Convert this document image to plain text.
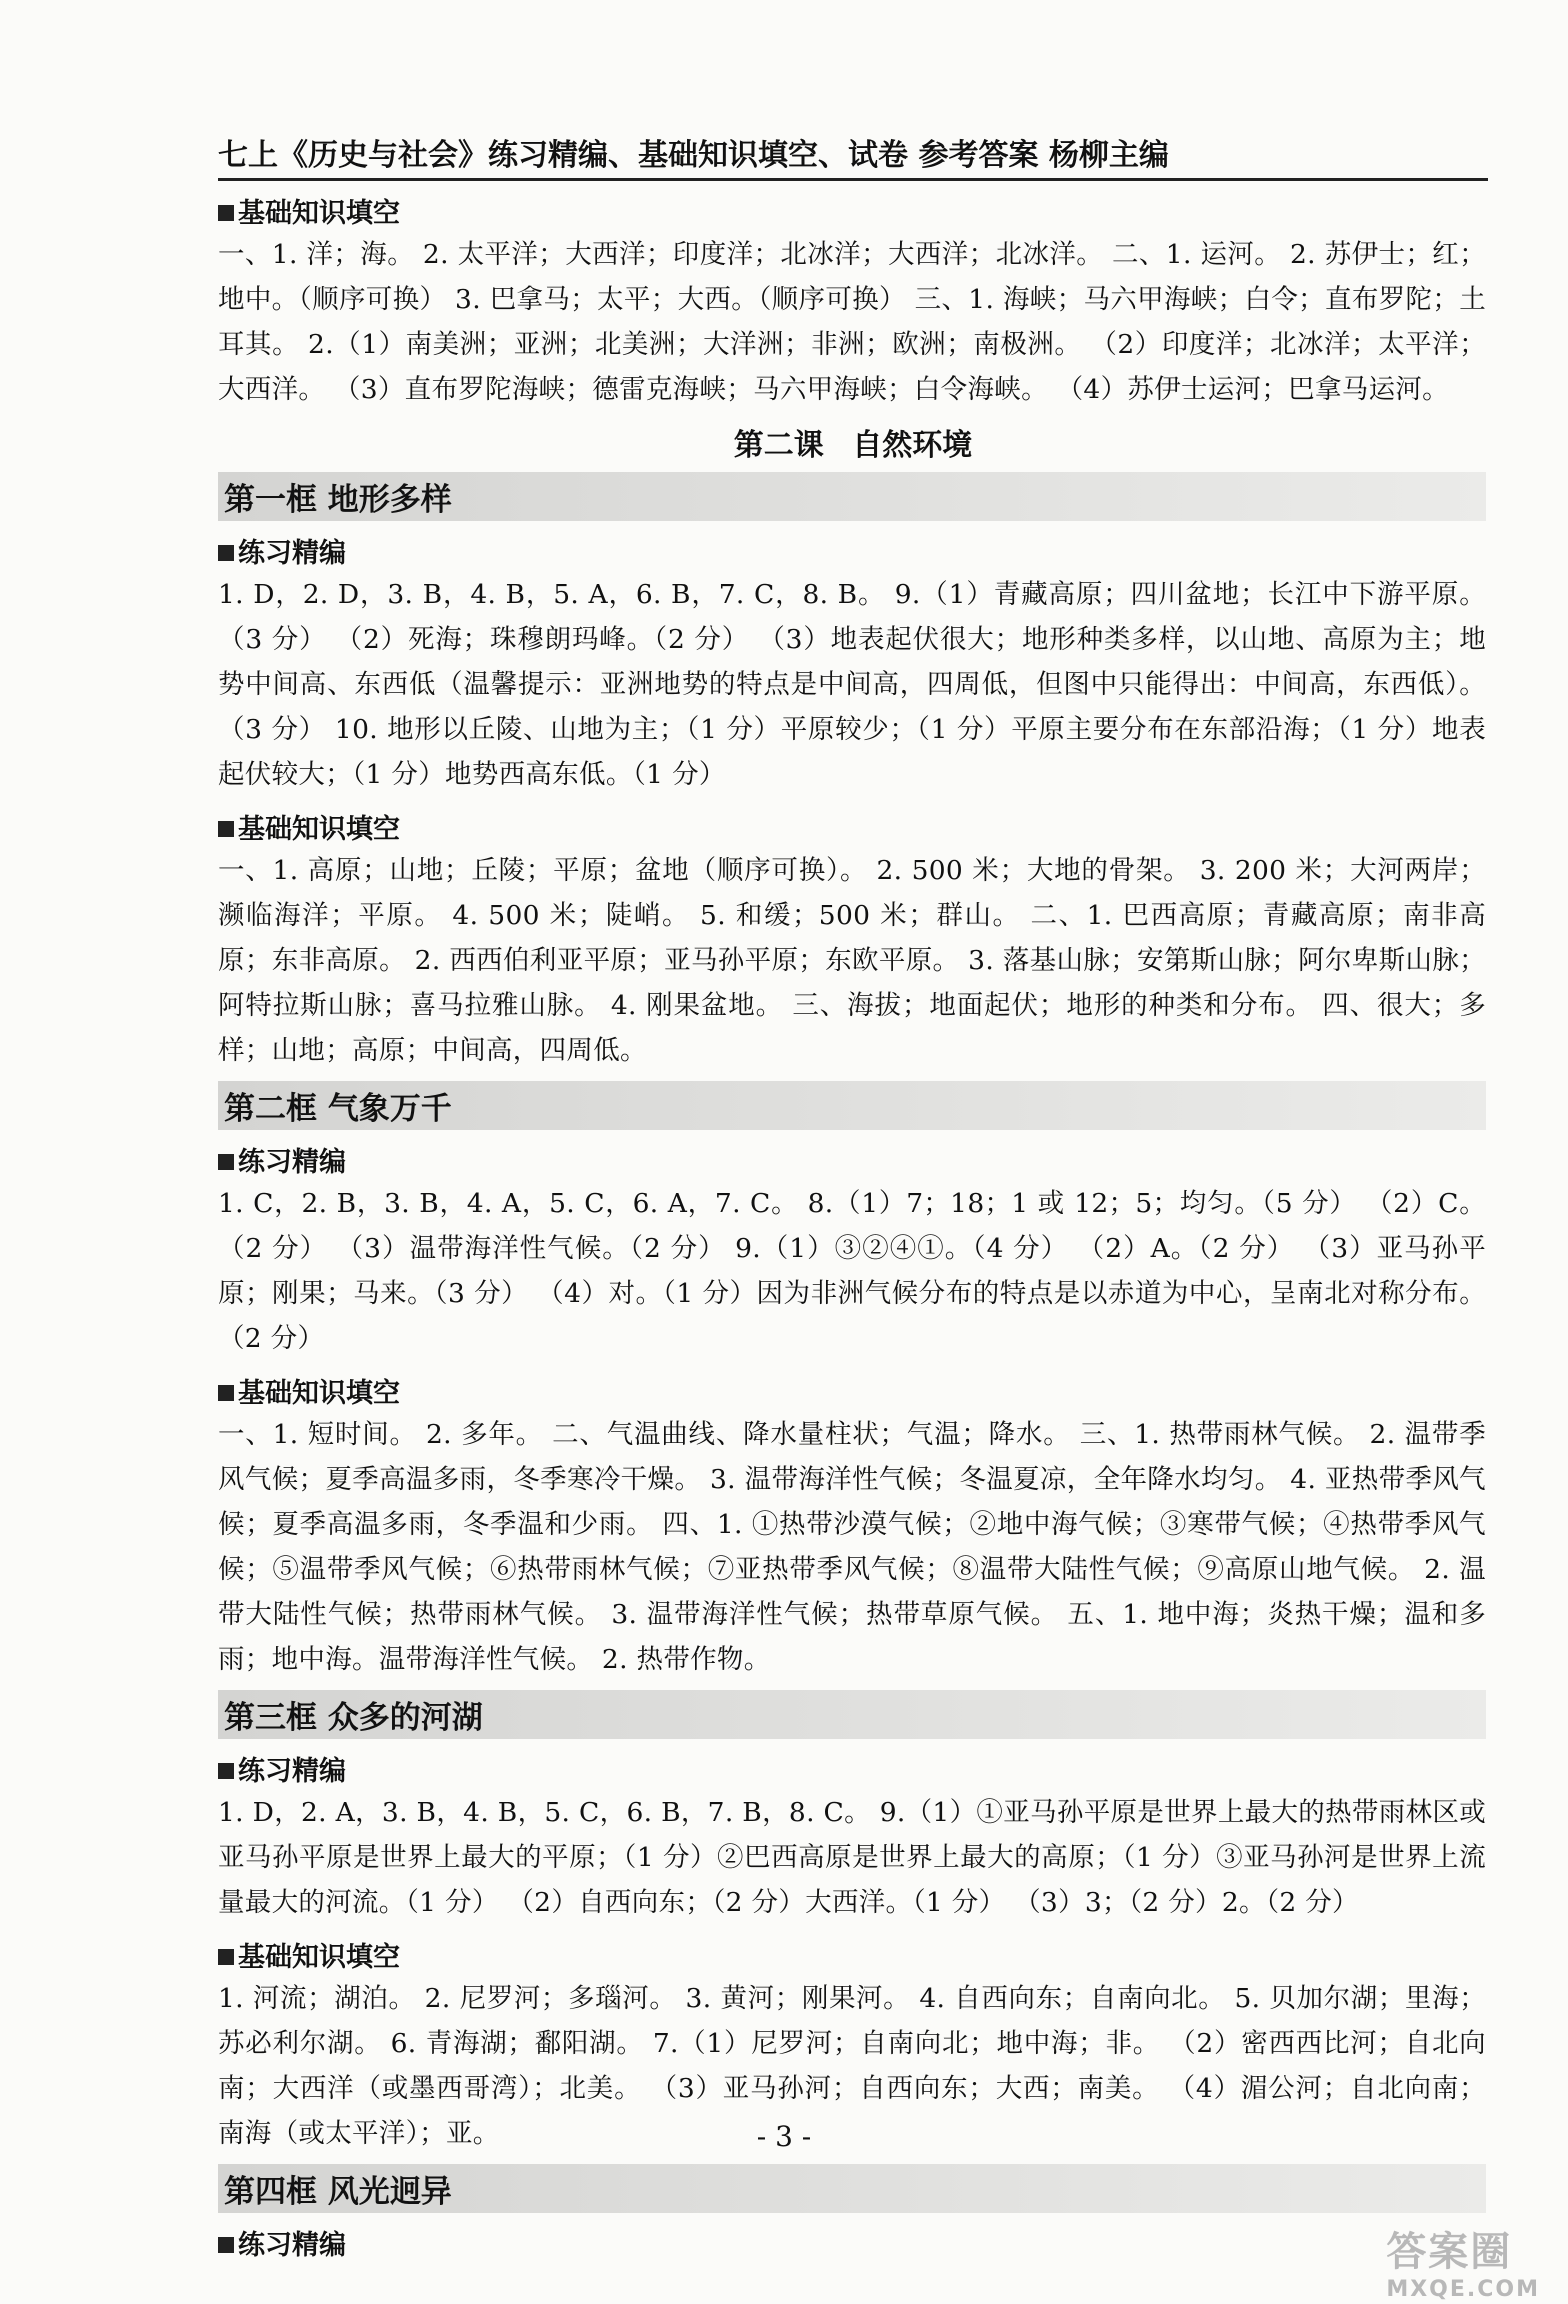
七上《历史与社会》练习精编、基础知识填空、试卷 参考答案 杨柳主编
基础知识填空
一、1. 洋；海。 2. 太平洋；大西洋；印度洋；北冰洋；大西洋；北冰洋。 二、1. 运河。 2. 苏伊士；红；地中。（顺序可换） 3. 巴拿马；太平；大西。（顺序可换） 三、1. 海峡；马六甲海峡；白令；直布罗陀；土耳其。 2.（1）南美洲；亚洲；北美洲；大洋洲；非洲；欧洲；南极洲。 （2）印度洋；北冰洋；太平洋；大西洋。 （3）直布罗陀海峡；德雷克海峡；马六甲海峡；白令海峡。 （4）苏伊士运河；巴拿马运河。
第二课 自然环境
第一框 地形多样
练习精编
1. D，2. D，3. B，4. B，5. A，6. B，7. C，8. B。 9.（1）青藏高原；四川盆地；长江中下游平原。（3 分） （2）死海；珠穆朗玛峰。（2 分） （3）地表起伏很大；地形种类多样，以山地、高原为主；地势中间高、东西低（温馨提示：亚洲地势的特点是中间高，四周低，但图中只能得出：中间高，东西低）。（3 分） 10. 地形以丘陵、山地为主；（1 分）平原较少；（1 分）平原主要分布在东部沿海；（1 分）地表起伏较大；（1 分）地势西高东低。（1 分）
基础知识填空
一、1. 高原；山地；丘陵；平原；盆地（顺序可换）。 2. 500 米；大地的骨架。 3. 200 米；大河两岸；濒临海洋；平原。 4. 500 米；陡峭。 5. 和缓；500 米；群山。 二、1. 巴西高原；青藏高原；南非高原；东非高原。 2. 西西伯利亚平原；亚马孙平原；东欧平原。 3. 落基山脉；安第斯山脉；阿尔卑斯山脉；阿特拉斯山脉；喜马拉雅山脉。 4. 刚果盆地。 三、海拔；地面起伏；地形的种类和分布。 四、很大；多样；山地；高原；中间高，四周低。
第二框 气象万千
练习精编
1. C，2. B，3. B，4. A，5. C，6. A，7. C。 8.（1）7；18；1 或 12；5；均匀。（5 分） （2）C。（2 分） （3）温带海洋性气候。（2 分） 9.（1）③②④①。（4 分） （2）A。（2 分） （3）亚马孙平原；刚果；马来。（3 分） （4）对。（1 分）因为非洲气候分布的特点是以赤道为中心，呈南北对称分布。（2 分）
基础知识填空
一、1. 短时间。 2. 多年。 二、气温曲线、降水量柱状；气温；降水。 三、1. 热带雨林气候。 2. 温带季风气候；夏季高温多雨，冬季寒冷干燥。 3. 温带海洋性气候；冬温夏凉，全年降水均匀。 4. 亚热带季风气候；夏季高温多雨，冬季温和少雨。 四、1. ①热带沙漠气候；②地中海气候；③寒带气候；④热带季风气候；⑤温带季风气候；⑥热带雨林气候；⑦亚热带季风气候；⑧温带大陆性气候；⑨高原山地气候。 2. 温带大陆性气候；热带雨林气候。 3. 温带海洋性气候；热带草原气候。 五、1. 地中海；炎热干燥；温和多雨；地中海。温带海洋性气候。 2. 热带作物。
第三框 众多的河湖
练习精编
1. D，2. A，3. B，4. B，5. C，6. B，7. B，8. C。 9.（1）①亚马孙平原是世界上最大的热带雨林区或亚马孙平原是世界上最大的平原；（1 分）②巴西高原是世界上最大的高原；（1 分）③亚马孙河是世界上流量最大的河流。（1 分） （2）自西向东；（2 分）大西洋。（1 分） （3）3；（2 分）2。（2 分）
基础知识填空
1. 河流；湖泊。 2. 尼罗河；多瑙河。 3. 黄河；刚果河。 4. 自西向东；自南向北。 5. 贝加尔湖；里海；苏必利尔湖。 6. 青海湖；鄱阳湖。 7.（1）尼罗河；自南向北；地中海；非。 （2）密西西比河；自北向南；大西洋（或墨西哥湾）；北美。 （3）亚马孙河；自西向东；大西；南美。 （4）湄公河；自北向南；南海（或太平洋）；亚。
第四框 风光迥异
练习精编
- 3 -
答案圈
MXQE.COM
